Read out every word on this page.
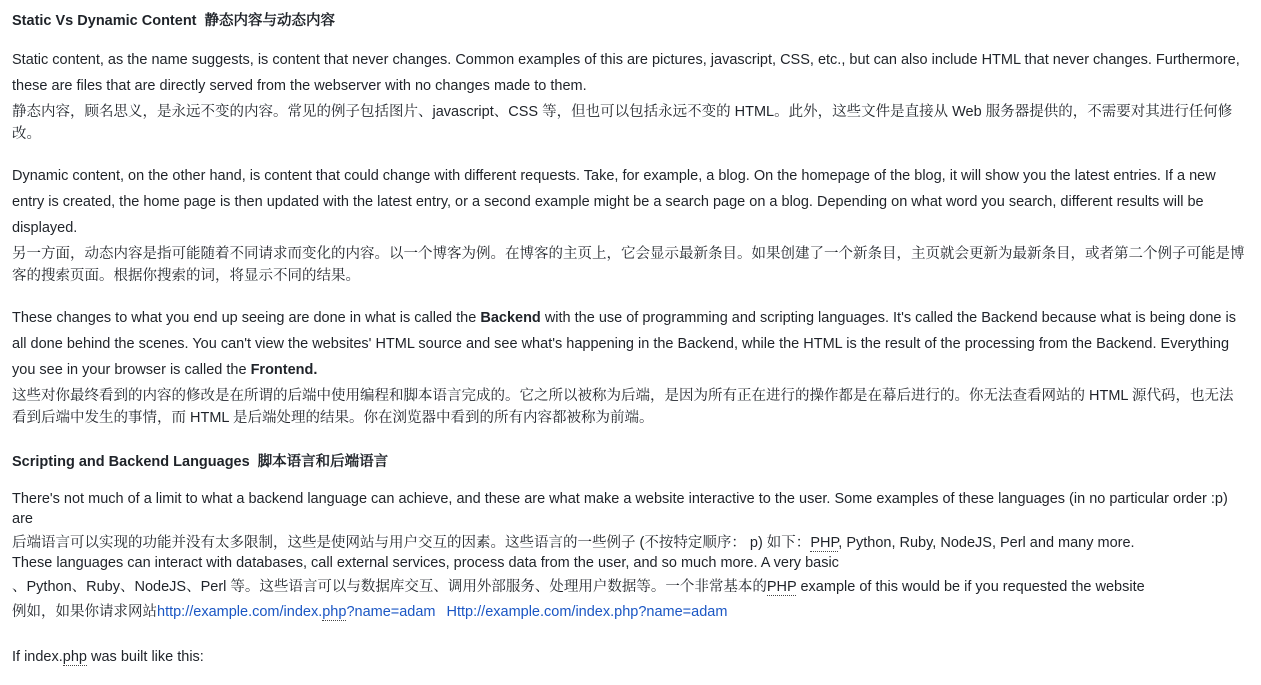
Static Vs Dynamic Content 静态内容与动态内容
Static content, as the name suggests, is content that never changes. Common examples of this are pictures, javascript, CSS, etc., but can also include HTML that never changes. Furthermore, these are files that are directly served from the webserver with no changes made to them.
静态内容，顾名思义，是永远不变的内容。常见的例子包括图片、javascript、CSS 等，但也可以包括永远不变的 HTML。此外，这些文件是直接从 Web 服务器提供的，不需要对其进行任何修改。
Dynamic content, on the other hand, is content that could change with different requests. Take, for example, a blog. On the homepage of the blog, it will show you the latest entries. If a new entry is created, the home page is then updated with the latest entry, or a second example might be a search page on a blog. Depending on what word you search, different results will be displayed.
另一方面，动态内容是指可能随着不同请求而变化的内容。以一个博客为例。在博客的主页上，它会显示最新条目。如果创建了一个新条目，主页就会更新为最新条目，或者第二个例子可能是博客的搜索页面。根据你搜索的词，将显示不同的结果。
These changes to what you end up seeing are done in what is called the Backend with the use of programming and scripting languages. It's called the Backend because what is being done is all done behind the scenes. You can't view the websites' HTML source and see what's happening in the Backend, while the HTML is the result of the processing from the Backend. Everything you see in your browser is called the Frontend.
这些对你最终看到的内容的修改是在所谓的后端中使用编程和脚本语言完成的。它之所以被称为后端，是因为所有正在进行的操作都是在幕后进行的。你无法查看网站的 HTML 源代码，也无法看到后端中发生的事情，而 HTML 是后端处理的结果。你在浏览器中看到的所有内容都被称为前端。
Scripting and Backend Languages 脚本语言和后端语言
There's not much of a limit to what a backend language can achieve, and these are what make a website interactive to the user. Some examples of these languages (in no particular order :p) are
后端语言可以实现的功能并没有太多限制，这些是使网站与用户交互的因素。这些语言的一些例子 (不按特定顺序： p) 如下：PHP, Python, Ruby, NodeJS, Perl and many more.
These languages can interact with databases, call external services, process data from the user, and so much more. A very basic
、Python、Ruby、NodeJS、Perl 等。这些语言可以与数据库交互、调用外部服务、处理用户数据等。一个非常基本的PHP example of this would be if you requested the website
例如，如果你请求网站http://example.com/index.php?name=adam Http://example.com/index.php?name=adam
If index.php was built like this:
